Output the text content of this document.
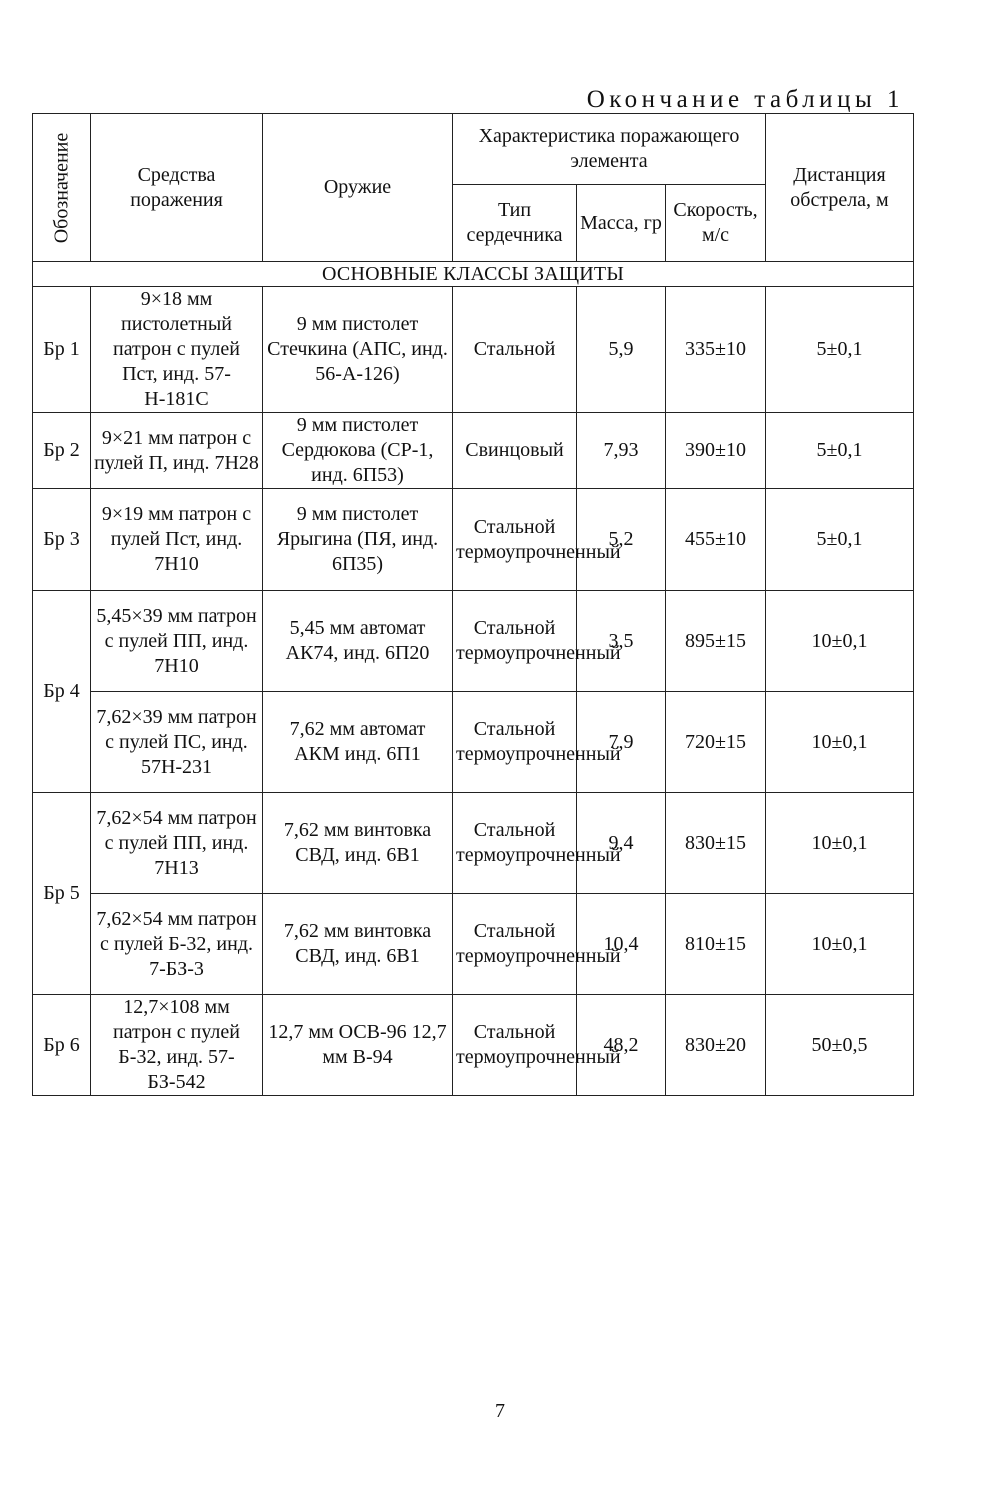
Окончание таблицы 1
Обозначение	Средства поражения	Оружие	Характеристика поражающего элемента			Дистанция обстрела, м
			Тип сердечника	Масса, гр	Скорость, м/с	
ОСНОВНЫЕ КЛАССЫ ЗАЩИТЫ						
Бр 1	9×18 мм пистолетный патрон с пулей Пст, инд. 57-Н-181С	9 мм пистолет Стечкина (АПС, инд. 56-А-126)	Стальной	5,9	335±10	5±0,1
Бр 2	9×21 мм патрон с пулей П, инд. 7Н28	9 мм пистолет Сердюкова (СР-1, инд. 6П53)	Свинцовый	7,93	390±10	5±0,1
Бр 3	9×19 мм патрон с пулей Пст, инд. 7Н10	9 мм пистолет Ярыгина (ПЯ, инд. 6П35)	Стальной термоупрочненный	5,2	455±10	5±0,1
Бр 4	5,45×39 мм патрон с пулей ПП, инд. 7Н10	5,45 мм автомат АК74, инд. 6П20	Стальной термоупрочненный	3,5	895±15	10±0,1
	7,62×39 мм патрон с пулей ПС, инд. 57Н-231	7,62 мм автомат АКМ инд. 6П1	Стальной термоупрочненный	7,9	720±15	10±0,1
Бр 5	7,62×54 мм патрон с пулей ПП, инд. 7Н13	7,62 мм винтовка СВД, инд. 6В1	Стальной термоупрочненный	9,4	830±15	10±0,1
	7,62×54 мм патрон с пулей Б-32, инд. 7-БЗ-3	7,62 мм винтовка СВД, инд. 6В1	Стальной термоупрочненный	10,4	810±15	10±0,1
Бр 6	12,7×108 мм патрон с пулей Б-32, инд. 57-БЗ-542	12,7 мм ОСВ-96 12,7 мм В-94	Стальной термоупрочненный	48,2	830±20	50±0,5
7
